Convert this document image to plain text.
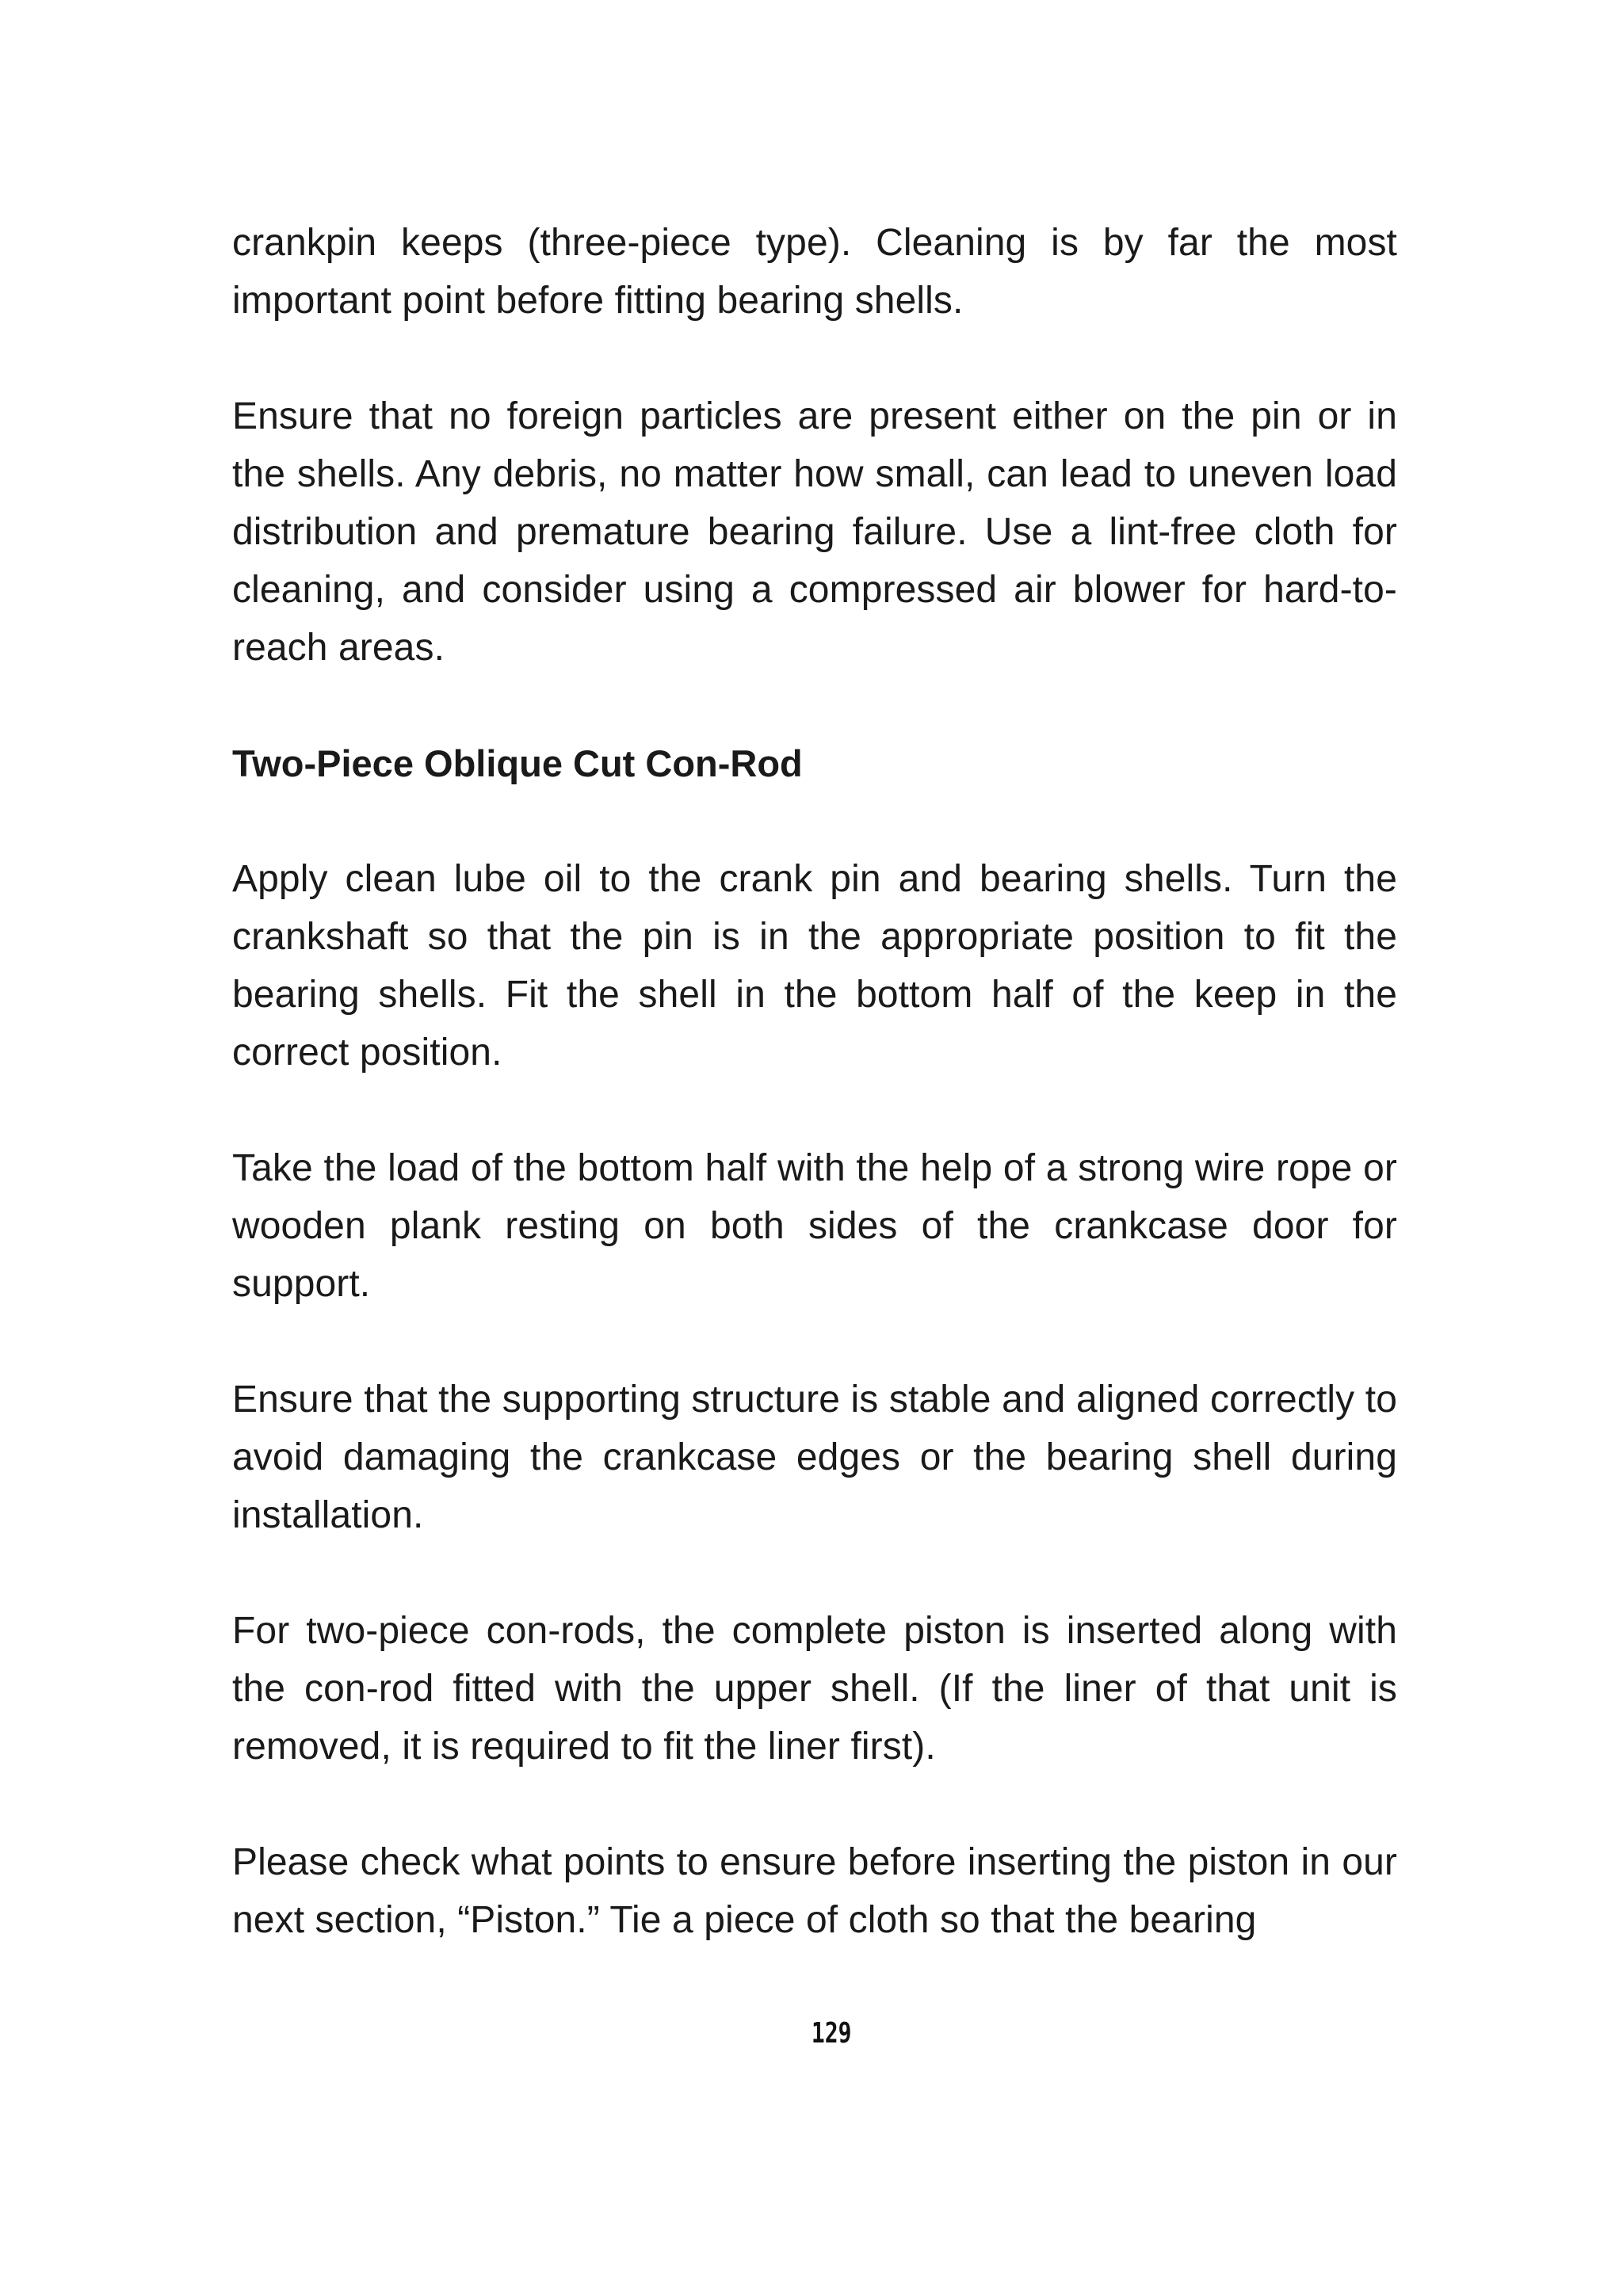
crankpin keeps (three-piece type). Cleaning is by far the most important point before fitting bearing shells.

Ensure that no foreign particles are present either on the pin or in the shells. Any debris, no matter how small, can lead to uneven load distribution and premature bearing failure. Use a lint-free cloth for cleaning, and consider using a compressed air blower for hard-to-reach areas.

Two-Piece Oblique Cut Con-Rod

Apply clean lube oil to the crank pin and bearing shells. Turn the crankshaft so that the pin is in the appropriate position to fit the bearing shells. Fit the shell in the bottom half of the keep in the correct position.

Take the load of the bottom half with the help of a strong wire rope or wooden plank resting on both sides of the crankcase door for support.

Ensure that the supporting structure is stable and aligned correctly to avoid damaging the crankcase edges or the bearing shell during installation.

For two-piece con-rods, the complete piston is inserted along with the con-rod fitted with the upper shell. (If the liner of that unit is removed, it is required to fit the liner first).

Please check what points to ensure before inserting the piston in our next section, “Piston.” Tie a piece of cloth so that the bearing

129
